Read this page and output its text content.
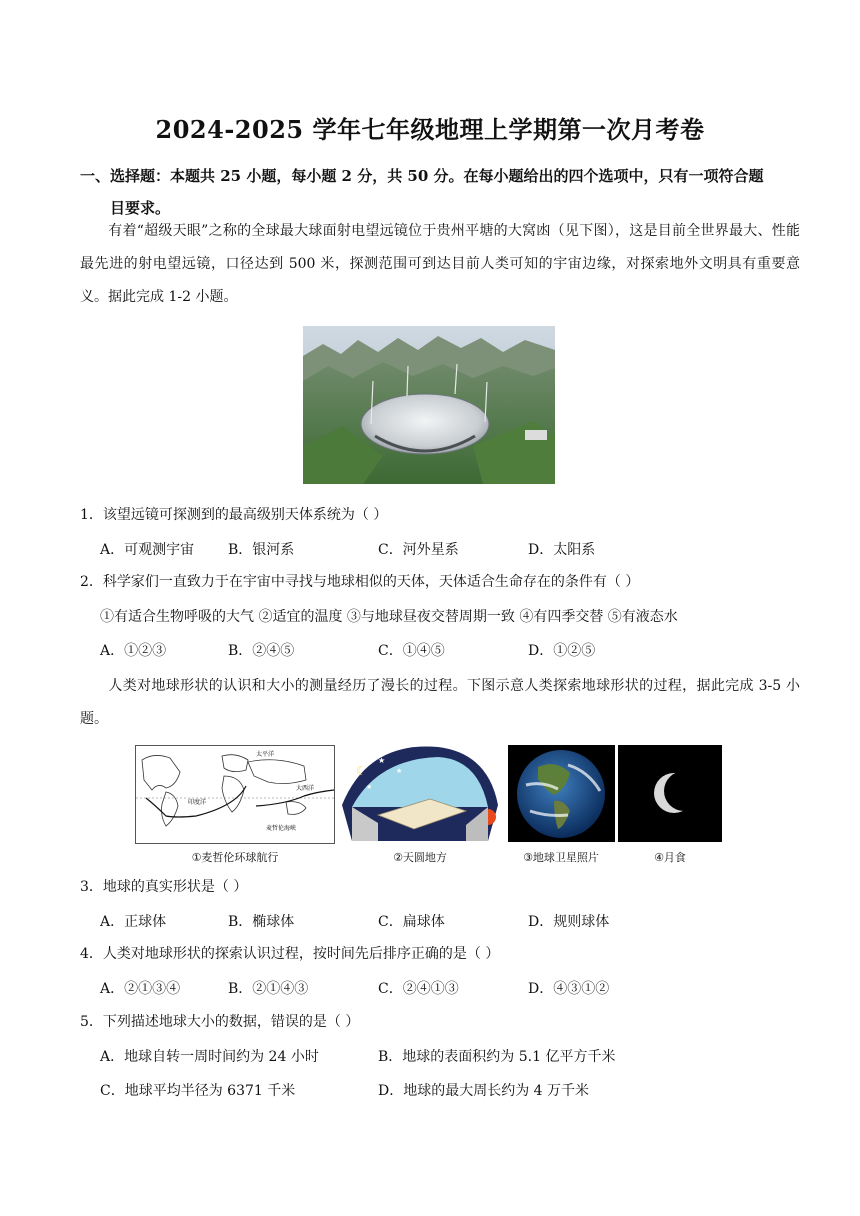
2024-2025 学年七年级地理上学期第一次月考卷
一、选择题：本题共 25 小题，每小题 2 分，共 50 分。在每小题给出的四个选项中，只有一项符合题
目要求。
有着“超级天眼”之称的全球最大球面射电望远镜位于贵州平塘的大窝凼（见下图），这是目前全世界最大、性能最先进的射电望远镜，口径达到 500 米，探测范围可到达目前人类可知的宇宙边缘，对探索地外文明具有重要意义。据此完成 1-2 小题。
1．该望远镜可探测到的最高级别天体系统为（ ）
A．可观测宇宙 B．银河系	C．河外星系	D．太阳系
2．科学家们一直致力于在宇宙中寻找与地球相似的天体，天体适合生命存在的条件有（ ）
①有适合生物呼吸的大气 ②适宜的温度 ③与地球昼夜交替周期一致 ④有四季交替 ⑤有液态水
A．①②③	B．②④⑤	C．①④⑤	D．①②⑤
人类对地球形状的认识和大小的测量经历了漫长的过程。下图示意人类探索地球形状的过程，据此完成 3-5 小题。
太平洋
大西洋
印度洋
麦哲伦海峡
①麦哲伦环球航行
☾
★
★
★
②天圆地方	③地球卫星照片	④月食
3．地球的真实形状是（ ）
A．正球体	B．椭球体	C．扁球体	D．规则球体
4．人类对地球形状的探索认识过程，按时间先后排序正确的是（ ）
A．②①③④	B．②①④③	C．②④①③	D．④③①②
5．下列描述地球大小的数据，错误的是（ ）
A．地球自转一周时间约为 24 小时	B．地球的表面积约为 5.1 亿平方千米
C．地球平均半径为 6371 千米	D．地球的最大周长约为 4 万千米
